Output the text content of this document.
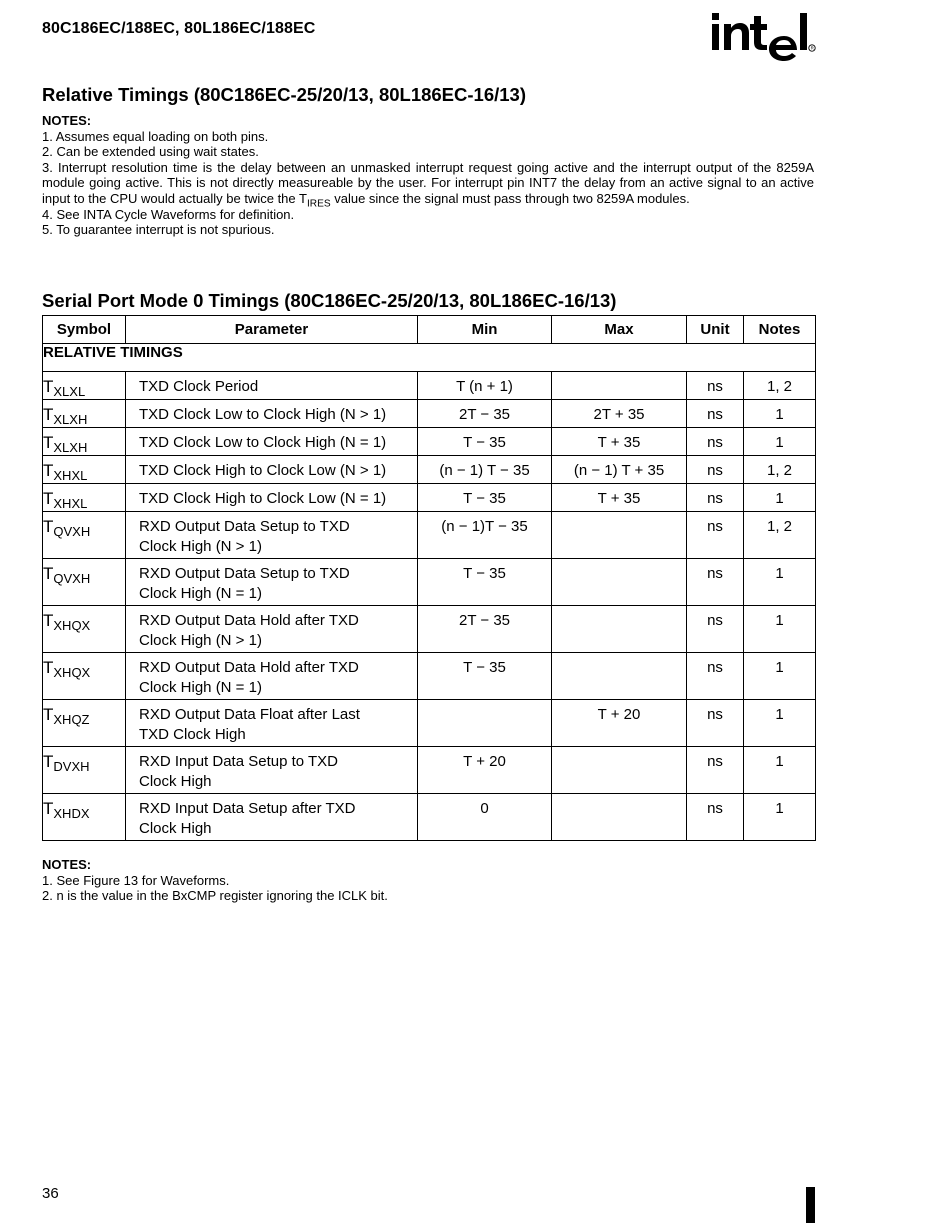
80C186EC/188EC, 80L186EC/188EC
R
Relative Timings (80C186EC-25/20/13, 80L186EC-16/13)
NOTES:
1. Assumes equal loading on both pins.
2. Can be extended using wait states.
3. Interrupt resolution time is the delay between an unmasked interrupt request going active and the interrupt output of the 8259A module going active. This is not directly measureable by the user. For interrupt pin INT7 the delay from an active signal to an active input to the CPU would actually be twice the $T_{IRES}$ value since the signal must pass through two 8259A modules.
4. See INTA Cycle Waveforms for definition.
5. To guarantee interrupt is not spurious.
Serial Port Mode 0 Timings (80C186EC-25/20/13, 80L186EC-16/13)
Symbol	Parameter	Min	Max	Unit	Notes
RELATIVE TIMINGS					

TXLXL	TXD Clock Period	T (n + 1)		ns	1, 2

TXLXH	TXD Clock Low to Clock High (N > 1)	2T − 35	2T + 35	ns	1

TXLXH	TXD Clock Low to Clock High (N = 1)	T − 35	T + 35	ns	1

TXHXL	TXD Clock High to Clock Low (N > 1)	(n − 1) T − 35	(n − 1) T + 35	ns	1, 2

TXHXL	TXD Clock High to Clock Low (N = 1)	T − 35	T + 35	ns	1

TQVXH	RXD Output Data Setup to TXD
Clock High (N > 1)	(n − 1)T − 35		ns	1, 2

TQVXH	RXD Output Data Setup to TXD
Clock High (N = 1)	T − 35		ns	1

TXHQX	RXD Output Data Hold after TXD
Clock High (N > 1)	2T − 35		ns	1

TXHQX	RXD Output Data Hold after TXD
Clock High (N = 1)	T − 35		ns	1

TXHQZ	RXD Output Data Float after Last
TXD Clock High		T + 20	ns	1

TDVXH	RXD Input Data Setup to TXD
Clock High	T + 20		ns	1

TXHDX	RXD Input Data Setup after TXD
Clock High	0		ns	1
NOTES:
1. See Figure 13 for Waveforms.
2. n is the value in the BxCMP register ignoring the ICLK bit.
36
